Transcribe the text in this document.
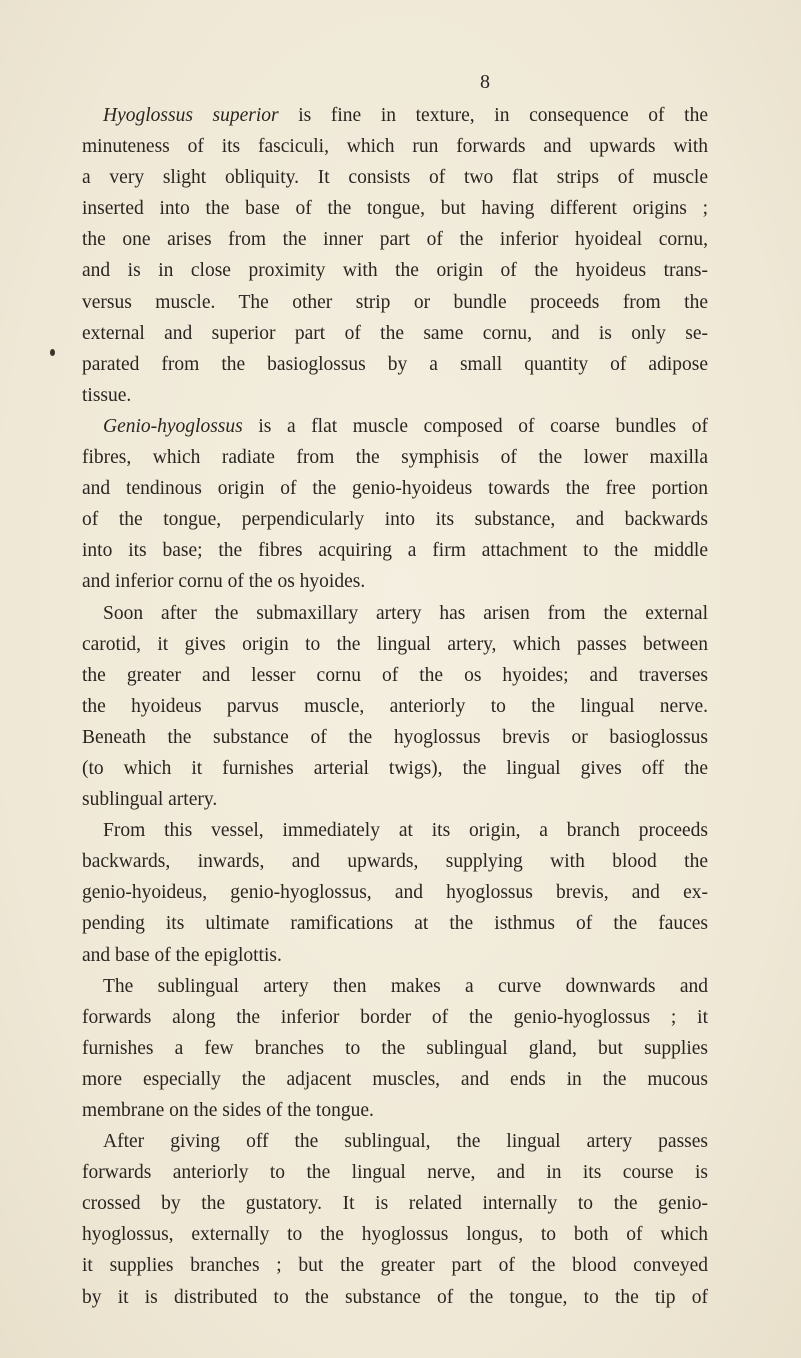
8
Hyoglossus superior is fine in texture, in consequence of the
minuteness of its fasciculi, which run forwards and upwards with
a very slight obliquity. It consists of two flat strips of muscle
inserted into the base of the tongue, but having different origins ;
the one arises from the inner part of the inferior hyoideal cornu,
and is in close proximity with the origin of the hyoideus trans-
versus muscle. The other strip or bundle proceeds from the
external and superior part of the same cornu, and is only se-
parated from the basioglossus by a small quantity of adipose
tissue.
Genio-hyoglossus is a flat muscle composed of coarse bundles of
fibres, which radiate from the symphisis of the lower maxilla
and tendinous origin of the genio-hyoideus towards the free portion
of the tongue, perpendicularly into its substance, and backwards
into its base; the fibres acquiring a firm attachment to the middle
and inferior cornu of the os hyoides.
Soon after the submaxillary artery has arisen from the external
carotid, it gives origin to the lingual artery, which passes between
the greater and lesser cornu of the os hyoides; and traverses
the hyoideus parvus muscle, anteriorly to the lingual nerve.
Beneath the substance of the hyoglossus brevis or basioglossus
(to which it furnishes arterial twigs), the lingual gives off the
sublingual artery.
From this vessel, immediately at its origin, a branch proceeds
backwards, inwards, and upwards, supplying with blood the
genio-hyoideus, genio-hyoglossus, and hyoglossus brevis, and ex-
pending its ultimate ramifications at the isthmus of the fauces
and base of the epiglottis.
The sublingual artery then makes a curve downwards and
forwards along the inferior border of the genio-hyoglossus ; it
furnishes a few branches to the sublingual gland, but supplies
more especially the adjacent muscles, and ends in the mucous
membrane on the sides of the tongue.
After giving off the sublingual, the lingual artery passes
forwards anteriorly to the lingual nerve, and in its course is
crossed by the gustatory. It is related internally to the genio-
hyoglossus, externally to the hyoglossus longus, to both of which
it supplies branches ; but the greater part of the blood conveyed
by it is distributed to the substance of the tongue, to the tip of
